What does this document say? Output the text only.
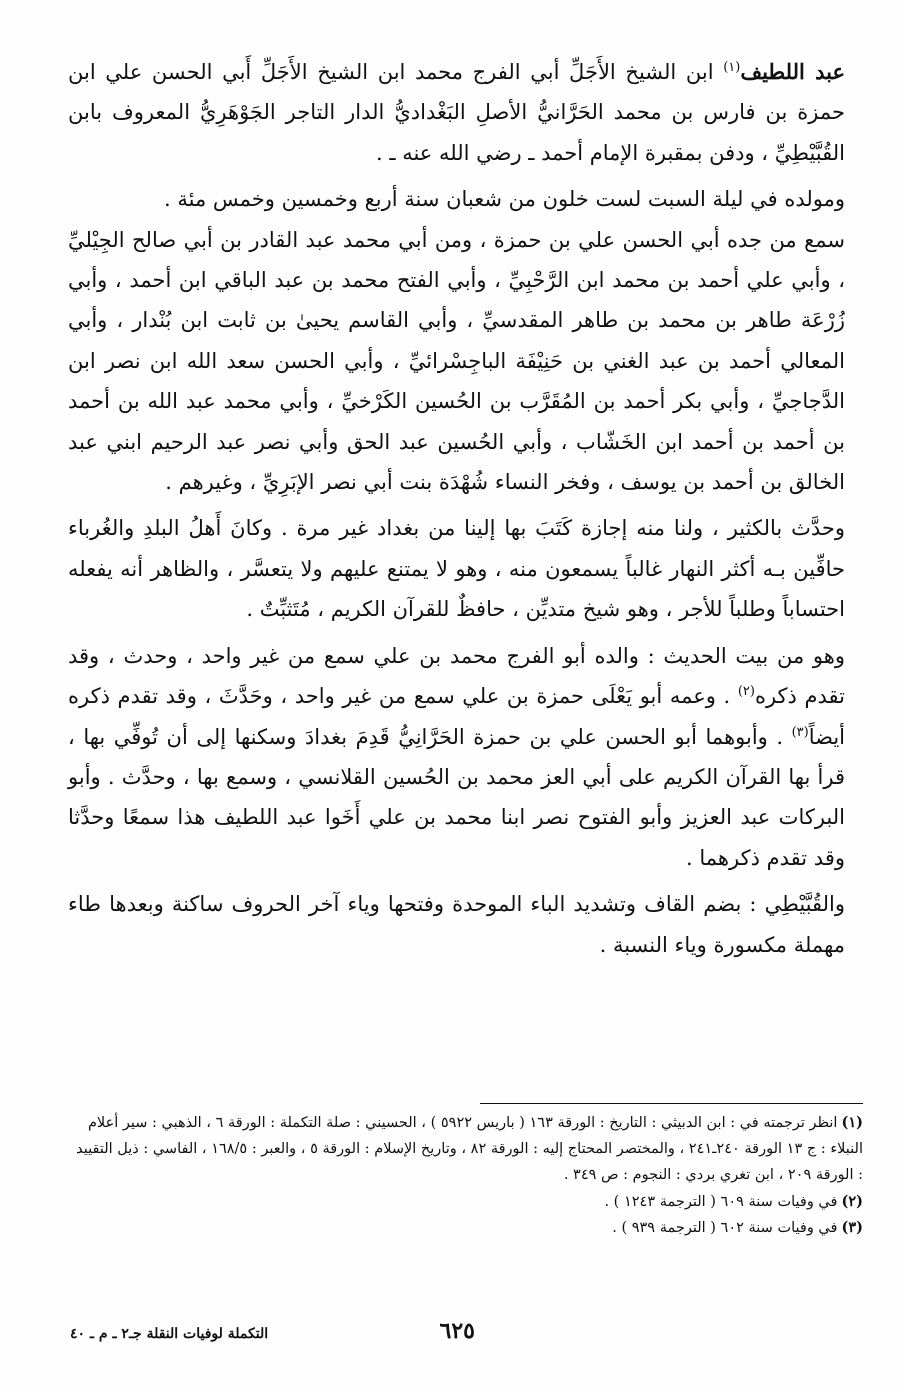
عبد اللطيف$^{(١)}$ ابن الشيخ الأَجَلِّ أبي الفرج محمد ابن الشيخ الأَجَلِّ أَبي الحسن علي ابن حمزة بن فارس بن محمد الحَرَّانيُّ الأصلِ البَغْداديُّ الدار التاجر الجَوْهَرِيُّ المعروف بابن القُبَّيْطِيِّ ، ودفن بمقبرة الإمام أحمد ـ رضي الله عنه ـ .

ومولده في ليلة السبت لست خلون من شعبان سنة أربع وخمسين وخمس مئة .

سمع من جده أبي الحسن علي بن حمزة ، ومن أبي محمد عبد القادر بن أبي صالح الجِيْليِّ ، وأبي علي أحمد بن محمد ابن الرَّحْبِيِّ ، وأبي الفتح محمد بن عبد الباقي ابن أحمد ، وأبي زُرْعَة طاهر بن محمد بن طاهر المقدسيِّ ، وأبي القاسم يحيىٰ بن ثابت ابن بُنْدار ، وأبي المعالي أحمد بن عبد الغني بن حَنِيْفَة الباجِسْرائيِّ ، وأبي الحسن سعد الله ابن نصر ابن الدَّجاجيِّ ، وأبي بكر أحمد بن المُقَرَّب بن الحُسين الكَرْخيِّ ، وأبي محمد عبد الله بن أحمد بن أحمد بن أحمد ابن الخَشّاب ، وأبي الحُسين عبد الحق وأبي نصر عبد الرحيم ابني عبد الخالق بن أحمد بن يوسف ، وفخر النساء شُهْدَة بنت أبي نصر الإبَرِيِّ ، وغيرهم .

وحدَّث بالكثير ، ولنا منه إجازة كَتَبَ بها إلينا من بغداد غير مرة . وكانَ أَهلُ البلدِ والغُرباء حافِّين بـه أكثر النهار غالباً يسمعون منه ، وهو لا يمتنع عليهم ولا يتعسَّر ، والظاهر أنه يفعله احتساباً وطلباً للأجر ، وهو شيخ متديِّن ، حافظٌ للقرآن الكريم ، مُتَثبِّتٌ .

وهو من بيت الحديث : والده أبو الفرج محمد بن علي سمع من غير واحد ، وحدث ، وقد تقدم ذكره$^{(٢)}$ . وعمه أبو يَعْلَى حمزة بن علي سمع من غير واحد ، وحَدَّثَ ، وقد تقدم ذكره أيضاً$^{(٣)}$ . وأبوهما أبو الحسن علي بن حمزة الحَرَّانِيُّ قَدِمَ بغدادَ وسكنها إلى أن تُوفِّي بها ، قرأ بها القرآن الكريم على أبي العز محمد بن الحُسين القلانسي ، وسمع بها ، وحدَّث . وأبو البركات عبد العزيز وأبو الفتوح نصر ابنا محمد بن علي أَخَوا عبد اللطيف هذا سمعًا وحدَّثا وقد تقدم ذكرهما .

والقُبَّيْطِي : بضم القاف وتشديد الباء الموحدة وفتحها وياء آخر الحروف ساكنة وبعدها طاء مهملة مكسورة وياء النسبة .

(١)انظر ترجمته في : ابن الدبيثي : التاريخ : الورقة ١٦٣ ( باريس ٥٩٢٢ ) ، الحسيني : صلة التكملة : الورقة ٦ ، الذهبي : سير أعلام النبلاء : ج ١٣ الورقة ٢٤٠ـ٢٤١ ، والمختصر المحتاج إليه : الورقة ٨٢ ، وتاريخ الإسلام : الورقة ٥ ، والعبر : ١٦٨/٥ ، الفاسي : ذيل التقييد : الورقة ٢٠٩ ، ابن تغري بردي : النجوم : ص ٣٤٩ .

(٢)في وفيات سنة ٦٠٩ ( الترجمة ١٢٤٣ ) .

(٣)في وفيات سنة ٦٠٢ ( الترجمة ٩٣٩ ) .

٦٢٥
التكملة لوفيات النقلة جـ٢ ـ م ـ ٤٠
